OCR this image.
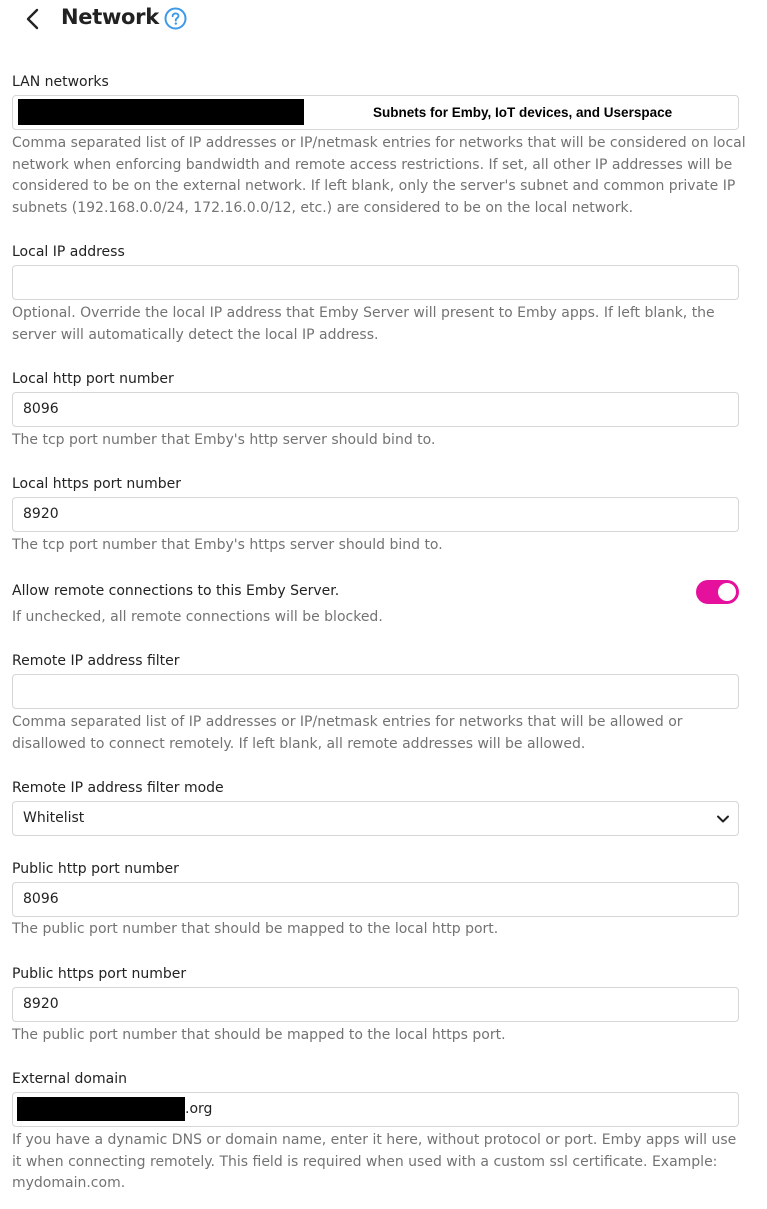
Network
LAN networks
Subnets for Emby, IoT devices, and Userspace
Comma separated list of IP addresses or IP/netmask entries for networks that will be considered on local network when enforcing bandwidth and remote access restrictions. If set, all other IP addresses will be considered to be on the external network. If left blank, only the server's subnet and common private IP subnets (192.168.0.0/24, 172.16.0.0/12, etc.) are considered to be on the local network.
Local IP address
Optional. Override the local IP address that Emby Server will present to Emby apps. If left blank, the server will automatically detect the local IP address.
Local http port number
8096
The tcp port number that Emby's http server should bind to.
Local https port number
8920
The tcp port number that Emby's https server should bind to.
Allow remote connections to this Emby Server.
If unchecked, all remote connections will be blocked.
Remote IP address filter
Comma separated list of IP addresses or IP/netmask entries for networks that will be allowed or disallowed to connect remotely. If left blank, all remote addresses will be allowed.
Remote IP address filter mode
Whitelist
Public http port number
8096
The public port number that should be mapped to the local http port.
Public https port number
8920
The public port number that should be mapped to the local https port.
External domain
.org
If you have a dynamic DNS or domain name, enter it here, without protocol or port. Emby apps will use it when connecting remotely. This field is required when used with a custom ssl certificate. Example: mydomain.com.
